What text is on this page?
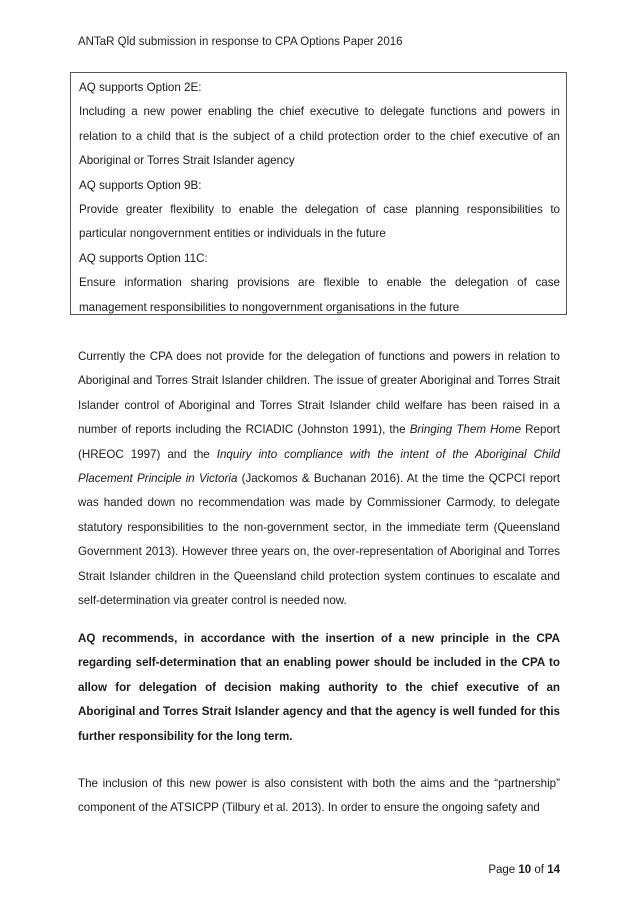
ANTaR Qld submission in response to CPA Options Paper 2016

AQ supports Option 2E:

Including a new power enabling the chief executive to delegate functions and powers in relation to a child that is the subject of a child protection order to the chief executive of an Aboriginal or Torres Strait Islander agency

AQ supports Option 9B:

Provide greater flexibility to enable the delegation of case planning responsibilities to particular nongovernment entities or individuals in the future

AQ supports Option 11C:

Ensure information sharing provisions are flexible to enable the delegation of case management responsibilities to nongovernment organisations in the future

Currently the CPA does not provide for the delegation of functions and powers in relation to Aboriginal and Torres Strait Islander children. The issue of greater Aboriginal and Torres Strait Islander control of Aboriginal and Torres Strait Islander child welfare has been raised in a number of reports including the RCIADIC (Johnston 1991), the Bringing Them Home Report (HREOC 1997) and the Inquiry into compliance with the intent of the Aboriginal Child Placement Principle in Victoria (Jackomos & Buchanan 2016). At the time the QCPCI report was handed down no recommendation was made by Commissioner Carmody, to delegate statutory responsibilities to the non-government sector, in the immediate term (Queensland Government 2013). However three years on, the over-representation of Aboriginal and Torres Strait Islander children in the Queensland child protection system continues to escalate and self-determination via greater control is needed now.

AQ recommends, in accordance with the insertion of a new principle in the CPA regarding self-determination that an enabling power should be included in the CPA to allow for delegation of decision making authority to the chief executive of an Aboriginal and Torres Strait Islander agency and that the agency is well funded for this further responsibility for the long term.

The inclusion of this new power is also consistent with both the aims and the “partnership” component of the ATSICPP (Tilbury et al. 2013). In order to ensure the ongoing safety and

Page 10 of 14
